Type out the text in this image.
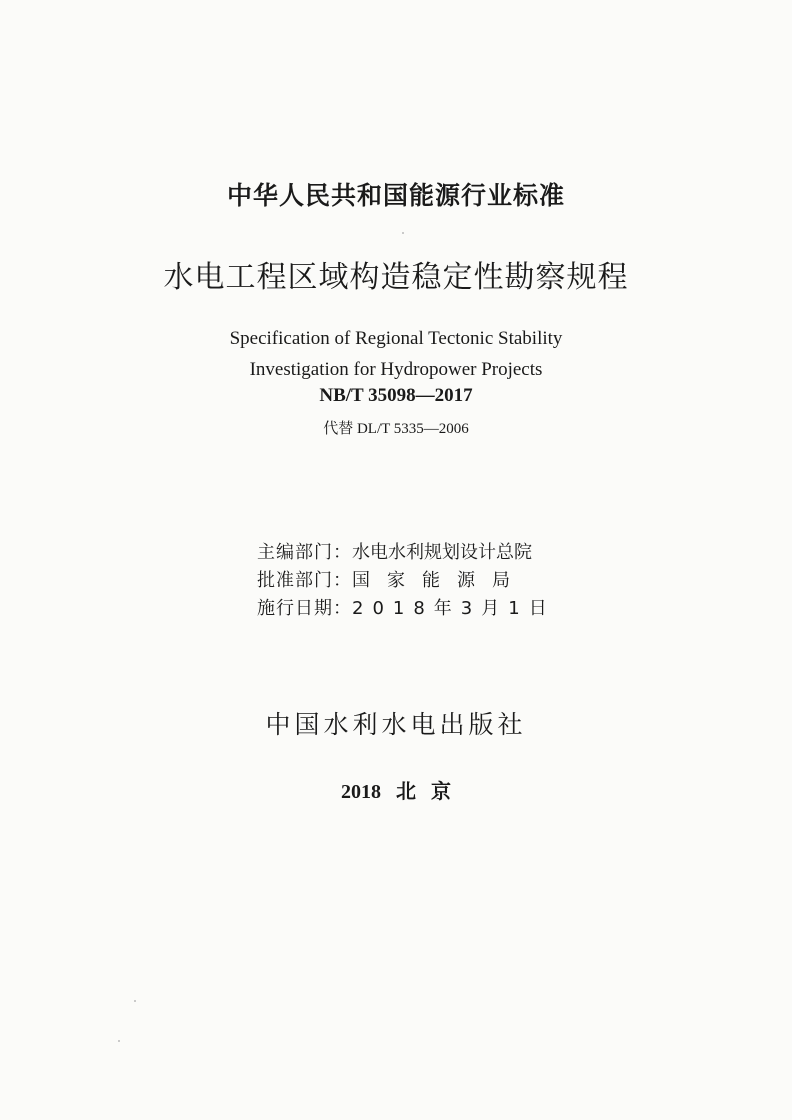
中华人民共和国能源行业标准
水电工程区域构造稳定性勘察规程
Specification of Regional Tectonic Stability
Investigation for Hydropower Projects
NB/T 35098—2017
代替 DL/T 5335—2006
主编部门：水电水利规划设计总院
批准部门：国家能源局
施行日期：2018年3月1日
中国水利水电出版社
2018 北 京
